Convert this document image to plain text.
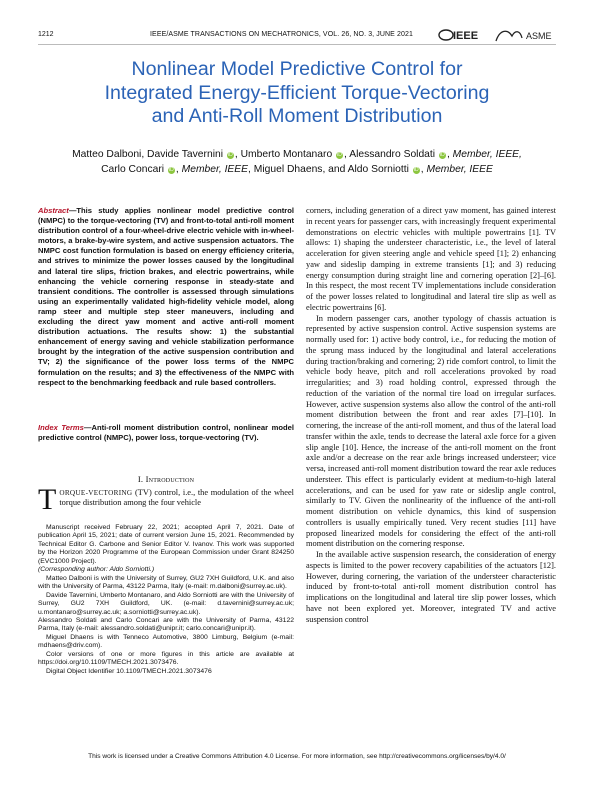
1212	IEEE/ASME TRANSACTIONS ON MECHATRONICS, VOL. 26, NO. 3, JUNE 2021	IEEE	ASME
Nonlinear Model Predictive Control for
Integrated Energy-Efficient Torque-Vectoring
and Anti-Roll Moment Distribution
Matteo Dalboni, Davide Tavernini iD , Umberto Montanaro iD , Alessandro Soldati iD , Member, IEEE,
Carlo Concari iD , Member, IEEE, Miguel Dhaens, and Aldo Sorniotti iD , Member, IEEE
Abstract—This study applies nonlinear model predictive control (NMPC) to the torque-vectoring (TV) and front-to-total anti-roll moment distribution control of a four-wheel-drive electric vehicle with in-wheel-motors, a brake-by-wire system, and active suspension actuators. The NMPC cost function formulation is based on energy efficiency criteria, and strives to minimize the power losses caused by the longitudinal and lateral tire slips, friction brakes, and electric powertrains, while enhancing the vehicle cornering response in steady-state and transient conditions. The controller is assessed through simulations using an experimentally validated high-fidelity vehicle model, along ramp steer and multiple step steer maneuvers, including and excluding the direct yaw moment and active anti-roll moment distribution actuations. The results show: 1) the substantial enhancement of energy saving and vehicle stabilization performance brought by the integration of the active suspension contribution and TV; 2) the significance of the power loss terms of the NMPC formulation on the results; and 3) the effectiveness of the NMPC with respect to the benchmarking feedback and rule based controllers.
Index Terms—Anti-roll moment distribution control, nonlinear model predictive control (NMPC), power loss, torque-vectoring (TV).
I. Introduction
TORQUE-VECTORING (TV) control, i.e., the modulation of the wheel torque distribution among the four vehicle

Manuscript received February 22, 2021; accepted April 7, 2021. Date of publication April 15, 2021; date of current version June 15, 2021. Recommended by Technical Editor G. Carbone and Senior Editor V. Ivanov. This work was supported by the Horizon 2020 Programme of the European Commission under Grant 824250 (EVC1000 Project).

(Corresponding author: Aldo Sorniotti.)

Matteo Dalboni is with the University of Surrey, GU2 7XH Guildford, U.K. and also with the University of Parma, 43122 Parma, Italy (e-mail: m.dalboni@surrey.ac.uk).

Davide Tavernini, Umberto Montanaro, and Aldo Sorniotti are with the University of Surrey, GU2 7XH Guildford, UK. (e-mail: d.tavernini@surrey.ac.uk; u.montanaro@surrey.ac.uk; a.sorniotti@surrey.ac.uk).

Alessandro Soldati and Carlo Concari are with the University of Parma, 43122 Parma, Italy (e-mail: alessandro.soldati@unipr.it; carlo.concari@unipr.it).

Miguel Dhaens is with Tenneco Automotive, 3800 Limburg, Belgium (e-mail: mdhaens@driv.com).

Color versions of one or more figures in this article are available at https://doi.org/10.1109/TMECH.2021.3073476.

Digital Object Identifier 10.1109/TMECH.2021.3073476

corners, including generation of a direct yaw moment, has gained interest in recent years for passenger cars, with increasingly frequent experimental demonstrations on electric vehicles with multiple powertrains [1]. TV allows: 1) shaping the understeer characteristic, i.e., the level of lateral acceleration for given steering angle and vehicle speed [1]; 2) enhancing yaw and sideslip damping in extreme transients [1]; and 3) reducing energy consumption during straight line and cornering operation [2]–[6]. In this respect, the most recent TV implementations include consideration of the power losses related to longitudinal and lateral tire slip as well as electric powertrains [6].

In modern passenger cars, another typology of chassis actuation is represented by active suspension control. Active suspension systems are normally used for: 1) active body control, i.e., for reducing the motion of the sprung mass induced by the longitudinal and lateral accelerations during traction/braking and cornering; 2) ride comfort control, to limit the vehicle body heave, pitch and roll accelerations provoked by road irregularities; and 3) road holding control, expressed through the reduction of the variation of the normal tire load on irregular surfaces. However, active suspension systems also allow the control of the anti-roll moment distribution between the front and rear axles [7]–[10]. In cornering, the increase of the anti-roll moment, and thus of the lateral load transfer within the axle, tends to decrease the lateral axle force for a given slip angle [10]. Hence, the increase of the anti-roll moment on the front axle and/or a decrease on the rear axle brings increased understeer; vice versa, increased anti-roll moment distribution toward the rear axle reduces understeer. This effect is particularly evident at medium-to-high lateral accelerations, and can be used for yaw rate or sideslip angle control, similarly to TV. Given the nonlinearity of the influence of the anti-roll moment distribution on vehicle dynamics, this kind of suspension controllers is usually empirically tuned. Very recent studies [11] have proposed linearized models for considering the effect of the anti-roll moment distribution on the cornering response.

In the available active suspension research, the consideration of energy aspects is limited to the power recovery capabilities of the actuators [12]. However, during cornering, the variation of the understeer characteristic induced by front-to-total anti-roll moment distribution control has implications on the longitudinal and lateral tire slip power losses, which have not been explored yet. Moreover, integrated TV and active suspension control

This work is licensed under a Creative Commons Attribution 4.0 License. For more information, see http://creativecommons.org/licenses/by/4.0/
